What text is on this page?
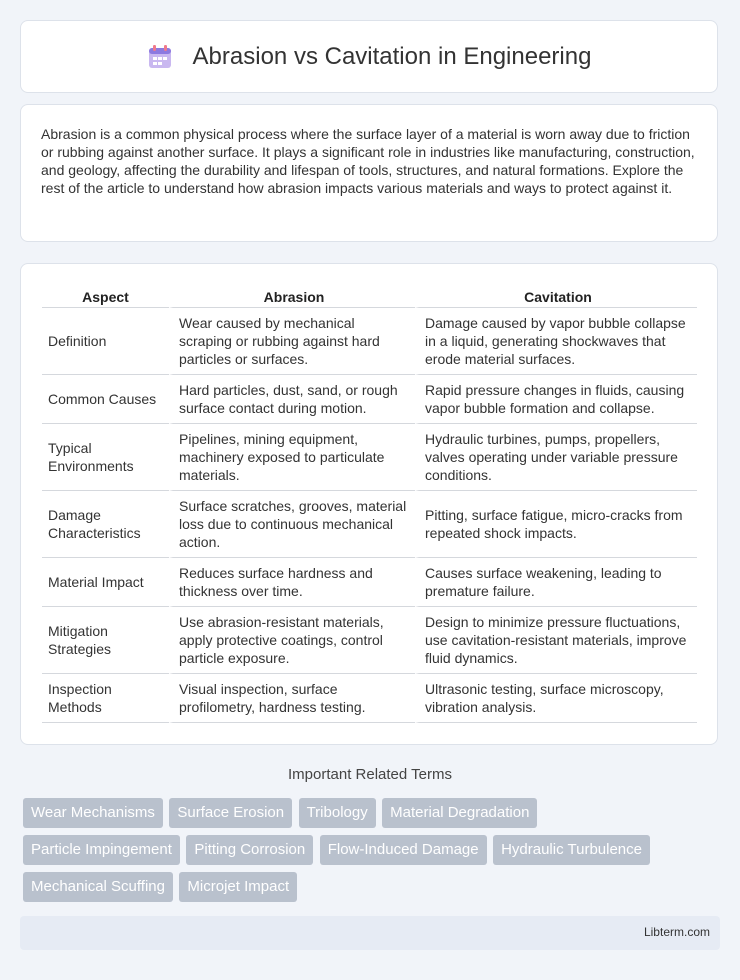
Abrasion vs Cavitation in Engineering

Abrasion is a common physical process where the surface layer of a material is worn away due to friction or rubbing against another surface. It plays a significant role in industries like manufacturing, construction, and geology, affecting the durability and lifespan of tools, structures, and natural formations. Explore the rest of the article to understand how abrasion impacts various materials and ways to protect against it.

Aspect	Abrasion	Cavitation
Definition	Wear caused by mechanical scraping or rubbing against hard particles or surfaces.	Damage caused by vapor bubble collapse in a liquid, generating shockwaves that erode material surfaces.
Common Causes	Hard particles, dust, sand, or rough surface contact during motion.	Rapid pressure changes in fluids, causing vapor bubble formation and collapse.
Typical Environments	Pipelines, mining equipment, machinery exposed to particulate materials.	Hydraulic turbines, pumps, propellers, valves operating under variable pressure conditions.
Damage Characteristics	Surface scratches, grooves, material loss due to continuous mechanical action.	Pitting, surface fatigue, micro-cracks from repeated shock impacts.
Material Impact	Reduces surface hardness and thickness over time.	Causes surface weakening, leading to premature failure.
Mitigation Strategies	Use abrasion-resistant materials, apply protective coatings, control particle exposure.	Design to minimize pressure fluctuations, use cavitation-resistant materials, improve fluid dynamics.
Inspection Methods	Visual inspection, surface profilometry, hardness testing.	Ultrasonic testing, surface microscopy, vibration analysis.
Important Related Terms
Wear Mechanisms Surface Erosion Tribology Material Degradation
Particle Impingement Pitting Corrosion Flow-Induced Damage Hydraulic Turbulence
Mechanical Scuffing Microjet Impact
Libterm.com
